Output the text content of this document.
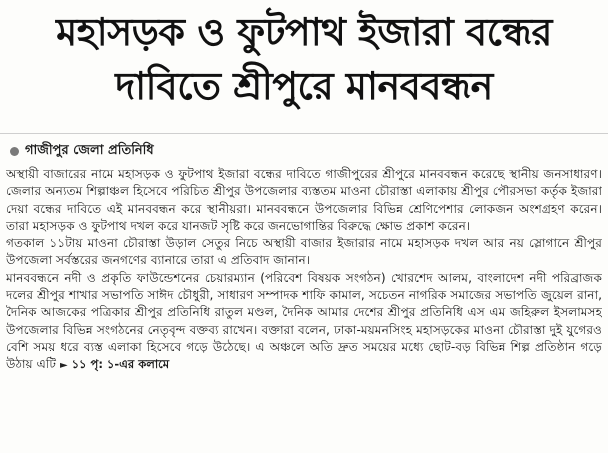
মহাসড়ক ও ফুটপাথ ইজারা বন্ধের
দাবিতে শ্রীপুরে মানববন্ধন
গাজীপুর জেলা প্রতিনিধি

অস্থায়ী বাজারের নামে মহাসড়ক ও ফুটপাথ ইজারা বন্ধের দাবিতে গাজীপুরের শ্রীপুরে মানববন্ধন করেছে স্থানীয় জনসাধারণ। জেলার অন্যতম শিল্পাঞ্চল হিসেবে পরিচিত শ্রীপুর উপজেলার ব্যস্ততম মাওনা চৌরাস্তা এলাকায় শ্রীপুর পৌরসভা কর্তৃক ইজারা দেয়া বন্ধের দাবিতে এই মানববন্ধন করে স্থানীয়রা। মানববন্ধনে উপজেলার বিভিন্ন শ্রেণিপেশার লোকজন অংশগ্রহণ করেন। তারা মহাসড়ক ও ফুটপাথ দখল করে যানজট সৃষ্টি করে জনভোগান্তির বিরুদ্ধে ক্ষোভ প্রকাশ করেন।

গতকাল ১১টায় মাওনা চৌরাস্তা উড়াল সেতুর নিচে অস্থায়ী বাজার ইজারার নামে মহাসড়ক দখল আর নয় স্লোগানে শ্রীপুর উপজেলা সর্বস্তরের জনগণের ব্যানারে তারা এ প্রতিবাদ জানান।

মানববন্ধনে নদী ও প্রকৃতি ফাউন্ডেশনের চেয়ারম্যান (পরিবেশ বিষয়ক সংগঠন) খোরশেদ আলম, বাংলাদেশ নদী পরিব্রাজক দলের শ্রীপুর শাখার সভাপতি সাঈদ চৌধুরী, সাধারণ সম্পাদক শাফি কামাল, সচেতন নাগরিক সমাজের সভাপতি জুয়েল রানা, দৈনিক আজকের পত্রিকার শ্রীপুর প্রতিনিধি রাতুল মণ্ডল, দৈনিক আমার দেশের শ্রীপুর প্রতিনিধি এস এম জহিরুল ইসলামসহ উপজেলার বিভিন্ন সংগঠনের নেতৃবৃন্দ বক্তব্য রাখেন। বক্তারা বলেন, ঢাকা-ময়মনসিংহ মহাসড়কের মাওনা চৌরাস্তা দুই যুগেরও বেশি সময় ধরে ব্যস্ত এলাকা হিসেবে গড়ে উঠেছে। এ অঞ্চলে অতি দ্রুত সময়ের মধ্যে ছোট-বড় বিভিন্ন শিল্প প্রতিষ্ঠান গড়ে উঠায় এটি ► ১১ পৃ: ১-এর কলামে
